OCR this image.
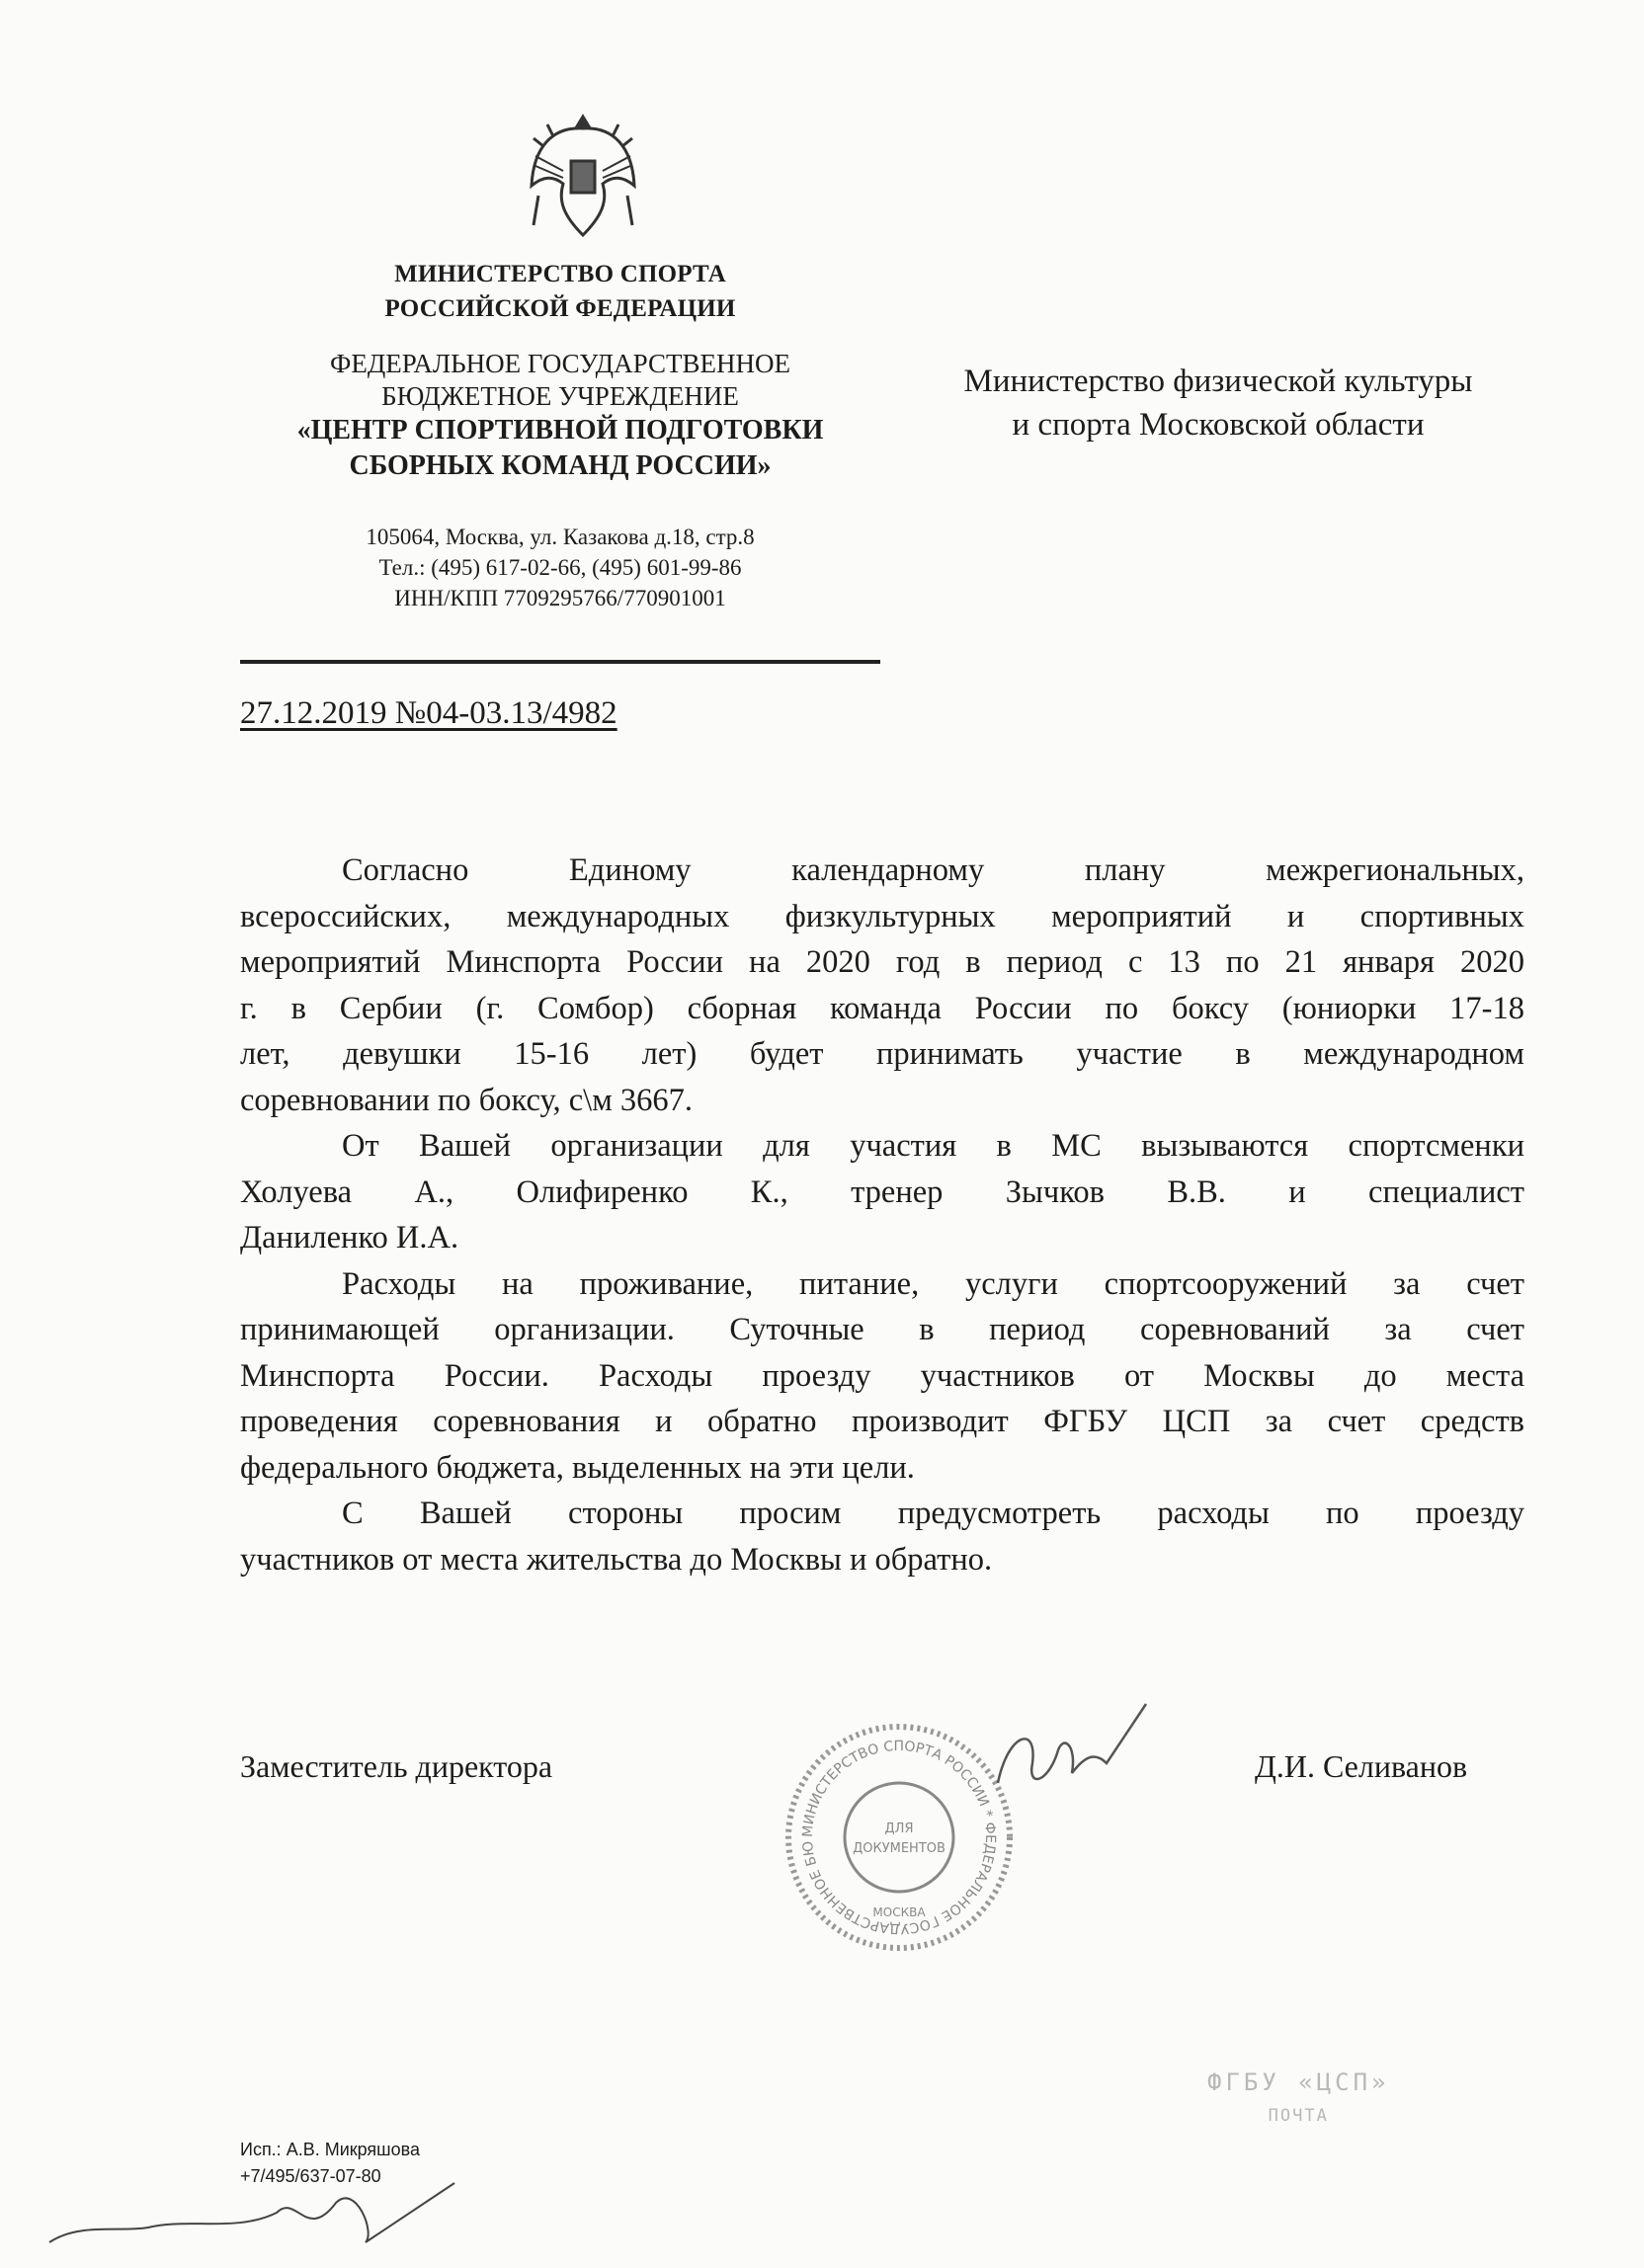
МИНИСТЕРСТВО СПОРТА
РОССИЙСКОЙ ФЕДЕРАЦИИ
ФЕДЕРАЛЬНОЕ ГОСУДАРСТВЕННОЕ
БЮДЖЕТНОЕ УЧРЕЖДЕНИЕ
«ЦЕНТР СПОРТИВНОЙ ПОДГОТОВКИ
СБОРНЫХ КОМАНД РОССИИ»
105064, Москва, ул. Казакова д.18, стр.8
Тел.: (495) 617-02-66, (495) 601-99-86
ИНН/КПП 7709295766/770901001
27.12.2019 №04-03.13/4982
Министерство физической культуры
и спорта Московской области
Согласно Единому календарному плану межрегиональных,
всероссийских, международных физкультурных мероприятий и спортивных
мероприятий Минспорта России на 2020 год в период с 13 по 21 января 2020
г. в Сербии (г. Сомбор) сборная команда России по боксу (юниорки 17-18
лет, девушки 15-16 лет) будет принимать участие в международном
соревновании по боксу, с\м 3667.
От Вашей организации для участия в МС вызываются спортсменки
Холуева А., Олифиренко К., тренер Зычков В.В. и специалист
Даниленко И.А.
Расходы на проживание, питание, услуги спортсооружений за счет
принимающей организации. Суточные в период соревнований за счет
Минспорта России. Расходы проезду участников от Москвы до места
проведения соревнования и обратно производит ФГБУ ЦСП за счет средств
федерального бюджета, выделенных на эти цели.
С Вашей стороны просим предусмотреть расходы по проезду
участников от места жительства до Москвы и обратно.
Заместитель директора	Д.И. Селиванов
МИНИСТЕРСТВО СПОРТА РОССИИ * ФЕДЕРАЛЬНОЕ ГОСУДАРСТВЕННОЕ БЮ
ДЛЯ
ДОКУМЕНТОВ
МОСКВА
Исп.: А.В. Микряшова
+7/495/637-07-80
ФГБУ «ЦСП»
ПОЧТА
